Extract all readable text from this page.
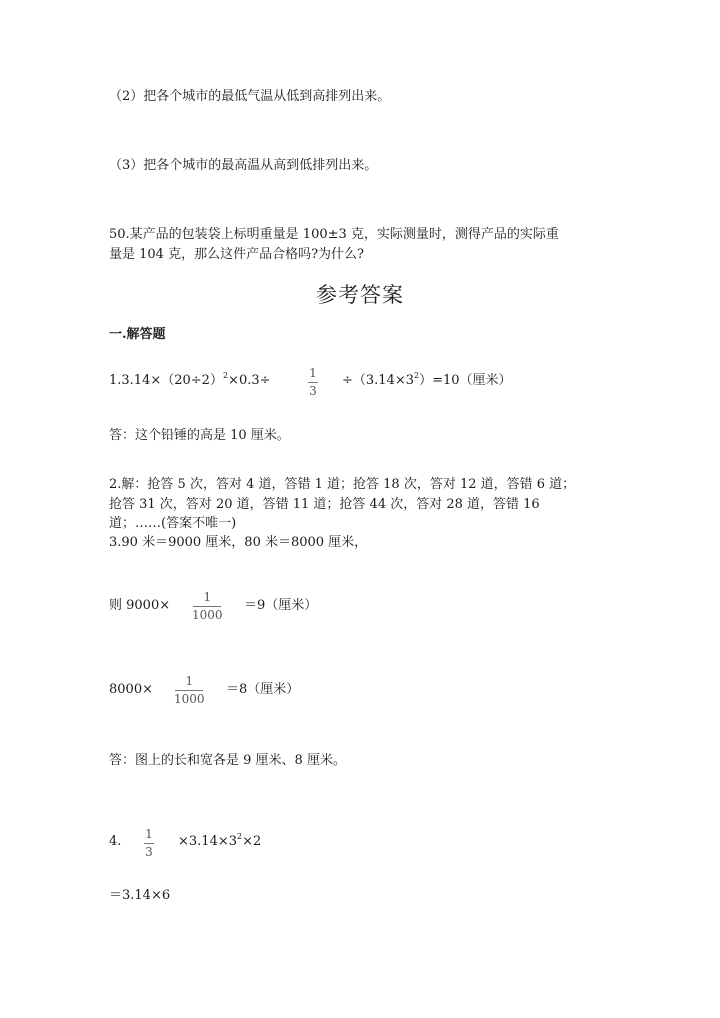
（2）把各个城市的最低气温从低到高排列出来。
（3）把各个城市的最高温从高到低排列出来。
50.某产品的包装袋上标明重量是 100±3 克，实际测量时，测得产品的实际重
量是 104 克，那么这件产品合格吗?为什么?
参考答案
一.解答题
$1.3.14\times(20\div 2)^2\times 0.3\div$	1
3
$\div(3.14\times 3^2)=10$（厘米）
答：这个铅锤的高是 10 厘米。
2.解：抢答 5 次，答对 4 道，答错 1 道；抢答 18 次，答对 12 道，答错 6 道；
抢答 31 次，答对 20 道，答错 11 道；抢答 44 次，答对 28 道，答错 16
道；……(答案不唯一)
3.90 米＝9000 厘米，80 米＝8000 厘米，
则 9000×
1
1000
＝9（厘米）
8000×
1
1000
＝8（厘米）
答：图上的长和宽各是 9 厘米、8 厘米。
4. 1
3
$\times 3.14\times 3^2\times 2$
＝3.14×6
